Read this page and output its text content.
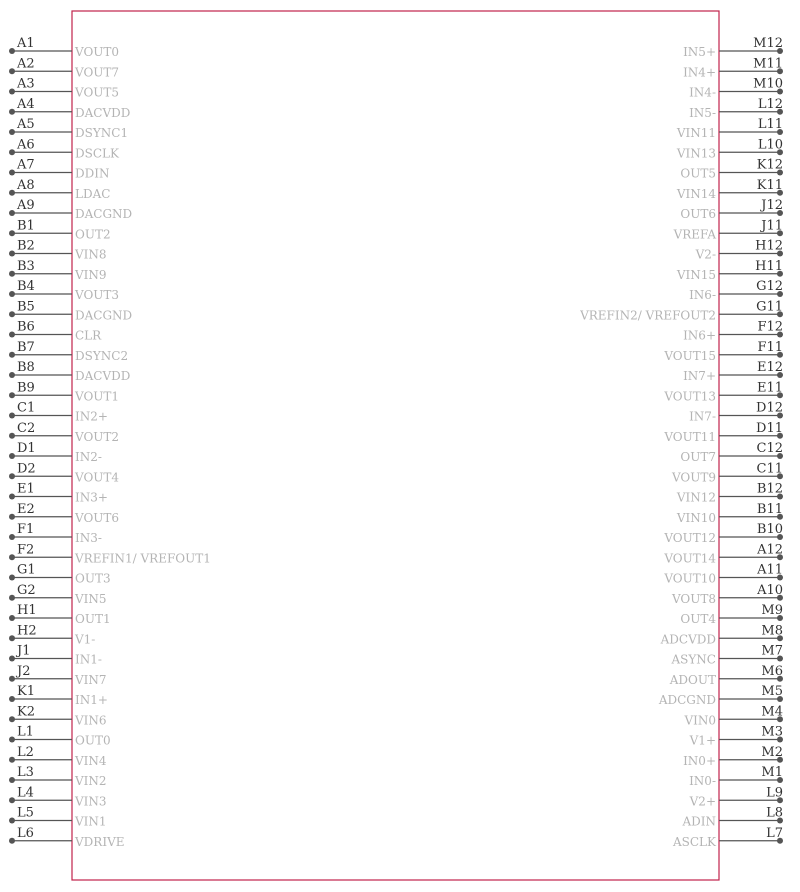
A1
VOUT0
A2
VOUT7
A3
VOUT5
A4
DACVDD
A5
DSYNC1
A6
DSCLK
A7
DDIN
A8
LDAC
A9
DACGND
B1
OUT2
B2
VIN8
B3
VIN9
B4
VOUT3
B5
DACGND
B6
CLR
B7
DSYNC2
B8
DACVDD
B9
VOUT1
C1
IN2+
C2
VOUT2
D1
IN2-
D2
VOUT4
E1
IN3+
E2
VOUT6
F1
IN3-
F2
VREFIN1/ VREFOUT1
G1
OUT3
G2
VIN5
H1
OUT1
H2
V1-
J1
IN1-
J2
VIN7
K1
IN1+
K2
VIN6
L1
OUT0
L2
VIN4
L3
VIN2
L4
VIN3
L5
VIN1
L6
VDRIVE
M12
IN5+
M11
IN4+
M10
IN4-
L12
IN5-
L11
VIN11
L10
VIN13
K12
OUT5
K11
VIN14
J12
OUT6
J11
VREFA
H12
V2-
H11
VIN15
G12
IN6-
G11
VREFIN2/ VREFOUT2
F12
IN6+
F11
VOUT15
E12
IN7+
E11
VOUT13
D12
IN7-
D11
VOUT11
C12
OUT7
C11
VOUT9
B12
VIN12
B11
VIN10
B10
VOUT12
A12
VOUT14
A11
VOUT10
A10
VOUT8
M9
OUT4
M8
ADCVDD
M7
ASYNC
M6
ADOUT
M5
ADCGND
M4
VIN0
M3
V1+
M2
IN0+
M1
IN0-
L9
V2+
L8
ADIN
L7
ASCLK
